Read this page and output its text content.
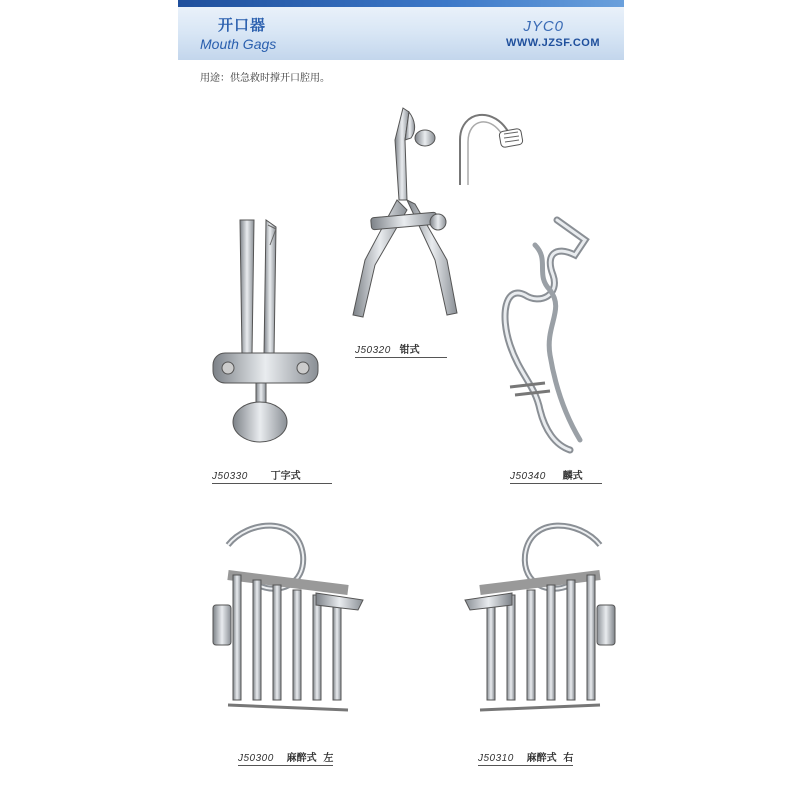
开口器
Mouth Gags
JYC0
WWW.JZSF.COM
用途：供急救时撑开口腔用。
J50320 钳式
J50330 丁字式	J50340 麟式
J50300 麻醉式 左	J50310 麻醉式 右
